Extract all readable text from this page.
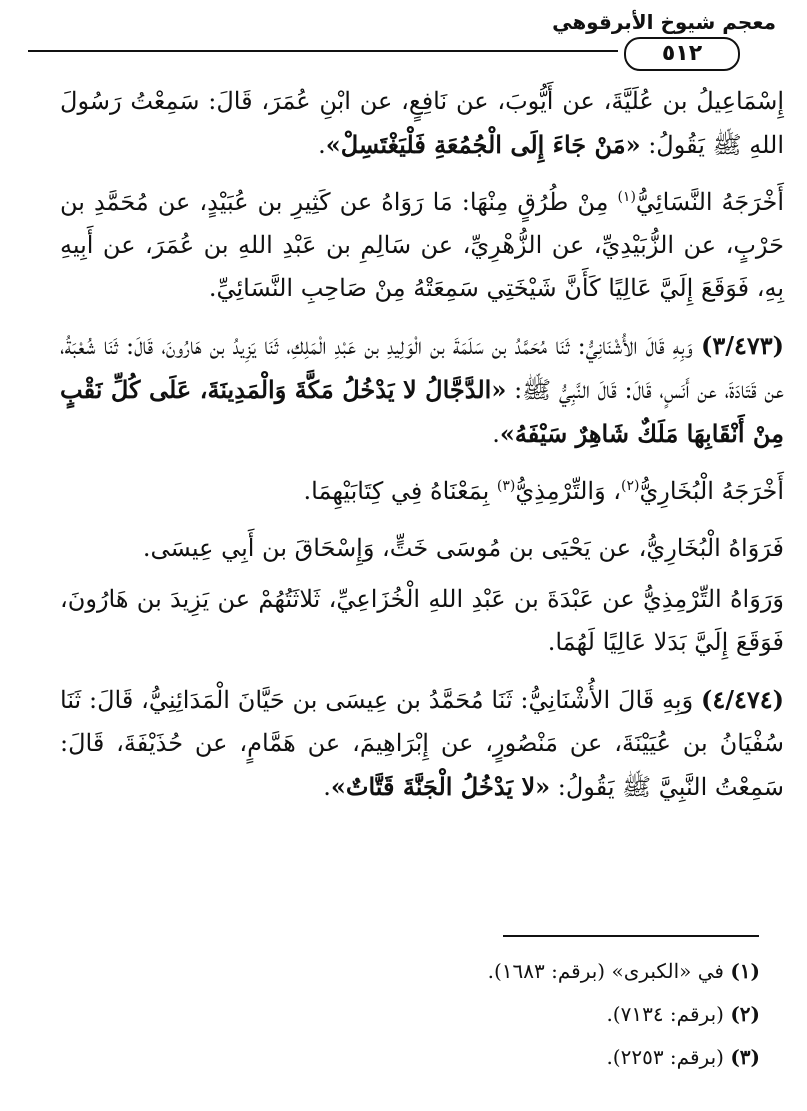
معجم شيوخ الأبرقوهي
٥١٢

إِسْمَاعِيلُ بن عُلَيَّةَ، عن أَيُّوبَ، عن نَافِعٍ، عن ابْنِ عُمَرَ، قَالَ: سَمِعْتُ رَسُولَ اللهِ ﷺ يَقُولُ: «مَنْ جَاءَ إِلَى الْجُمُعَةِ فَلْيَغْتَسِلْ».

أَخْرَجَهُ النَّسَائِيُّ$^{(١)}$ مِنْ طُرُقٍ مِنْهَا: مَا رَوَاهُ عن كَثِيرِ بن عُبَيْدٍ، عن مُحَمَّدِ بن حَرْبٍ، عن الزُّبَيْدِيِّ، عن الزُّهْرِيِّ، عن سَالِمِ بن عَبْدِ اللهِ بن عُمَرَ، عن أَبِيهِ بِهِ، فَوَقَعَ إِلَيَّ عَالِيًا كَأَنَّ شَيْخَتِي سَمِعَتْهُ مِنْ صَاحِبِ النَّسَائِيِّ.

(٣/٤٧٣) وَبِهِ قَالَ الأُشْنَانِيُّ: ثَنَا مُحَمَّدُ بن سَلَمَةَ بن الْوَلِيدِ بن عَبْدِ الْمَلِكِ، ثَنَا يَزِيدُ بن هَارُونَ، قَالَ: ثَنَا شُعْبَةُ، عن قَتَادَةَ، عن أَنَسٍ، قَالَ: قَالَ النَّبِيُّ ﷺ: «الدَّجَّالُ لا يَدْخُلُ مَكَّةَ وَالْمَدِينَةَ، عَلَى كُلِّ نَقْبٍ مِنْ أَنْقَابِهَا مَلَكٌ شَاهِرٌ سَيْفَهُ».

أَخْرَجَهُ الْبُخَارِيُّ$^{(٢)}$، وَالتِّرْمِذِيُّ$^{(٣)}$ بِمَعْنَاهُ فِي كِتَابَيْهِمَا.

فَرَوَاهُ الْبُخَارِيُّ، عن يَحْيَى بن مُوسَى خَتٍّ، وَإِسْحَاقَ بن أَبِي عِيسَى.

وَرَوَاهُ التِّرْمِذِيُّ عن عَبْدَةَ بن عَبْدِ اللهِ الْخُزَاعِيِّ، ثَلاثَتُهُمْ عن يَزِيدَ بن هَارُونَ، فَوَقَعَ إِلَيَّ بَدَلا عَالِيًا لَهُمَا.

(٤/٤٧٤) وَبِهِ قَالَ الأُشْنَانِيُّ: ثَنَا مُحَمَّدُ بن عِيسَى بن حَيَّانَ الْمَدَائِنِيُّ، قَالَ: ثَنَا سُفْيَانُ بن عُيَيْنَةَ، عن مَنْصُورٍ، عن إِبْرَاهِيمَ، عن هَمَّامٍ، عن حُذَيْفَةَ، قَالَ: سَمِعْتُ النَّبِيَّ ﷺ يَقُولُ: «لا يَدْخُلُ الْجَنَّةَ قَتَّاتٌ».

(١) في «الكبرى» (برقم: ١٦٨٣).

(٢) (برقم: ٧١٣٤).

(٣) (برقم: ٢٢٥٣).
